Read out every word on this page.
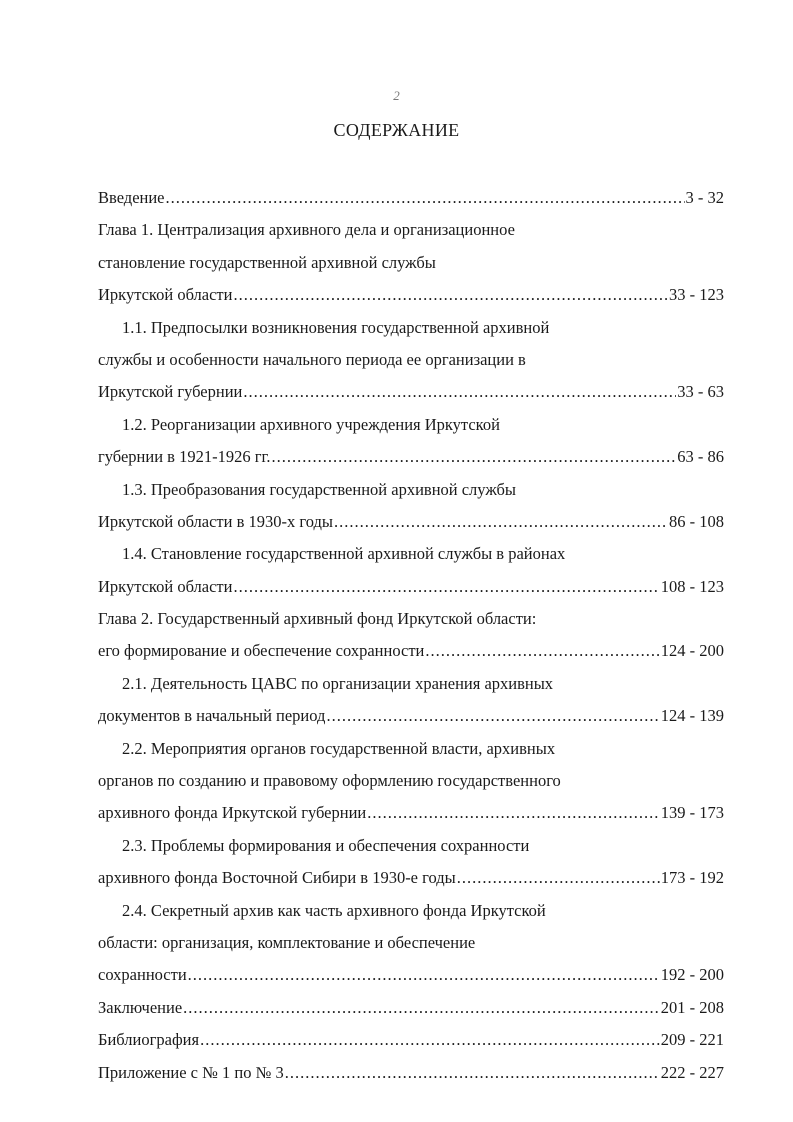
2
СОДЕРЖАНИЕ
Введение .....	3 - 32
Глава 1. Централизация архивного дела и организационное
становление государственной архивной службы
Иркутской области .....	33 - 123
1.1. Предпосылки возникновения государственной архивной
службы и особенности начального периода ее организации в
Иркутской губернии .....	33 - 63
1.2. Реорганизации архивного учреждения Иркутской
губернии в 1921-1926 гг. .....	63 - 86
1.3. Преобразования государственной архивной службы
Иркутской области в 1930-х годы .....	86 - 108
1.4. Становление государственной архивной службы в районах
Иркутской области .....	108 - 123
Глава 2. Государственный архивный фонд Иркутской области:
его формирование и обеспечение сохранности .....	124 - 200
2.1. Деятельность ЦАВС по организации хранения архивных
документов в начальный период .....	124 - 139
2.2. Мероприятия органов государственной власти, архивных
органов по созданию и правовому оформлению государственного
архивного фонда Иркутской губернии .....	139 - 173
2.3. Проблемы формирования и обеспечения сохранности
архивного фонда Восточной Сибири в 1930-е годы .....	173 - 192
2.4. Секретный архив как часть архивного фонда Иркутской
области: организация, комплектование и обеспечение
сохранности .....	192 - 200
Заключение .....	201 - 208
Библиография .....	209 - 221
Приложение с № 1 по № 3 .....	222 - 227
